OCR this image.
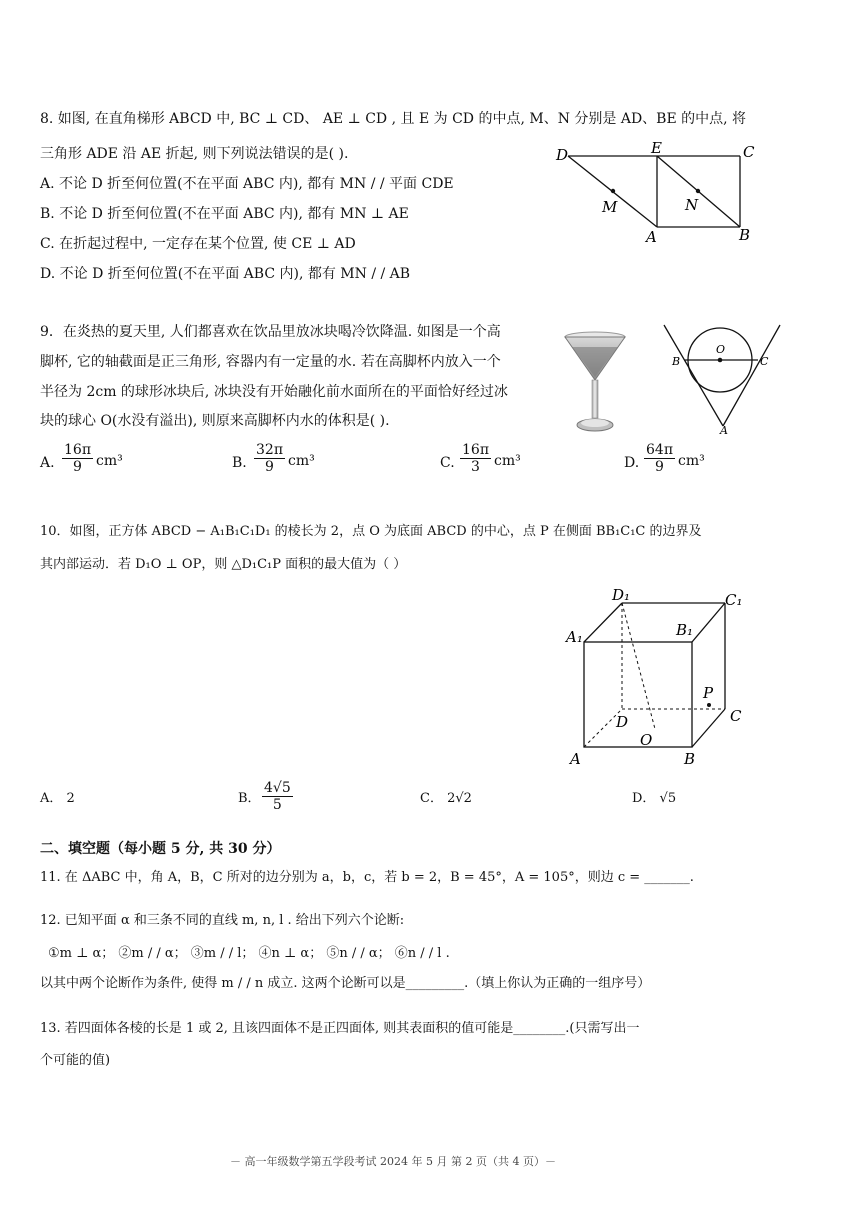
8. 如图, 在直角梯形 ABCD 中, BC ⊥ CD、 AE ⊥ CD , 且 E 为 CD 的中点, M、N 分别是 AD、BE 的中点, 将
三角形 ADE 沿 AE 折起, 则下列说法错误的是( ).
A. 不论 D 折至何位置(不在平面 ABC 内), 都有 MN / / 平面 CDE
B. 不论 D 折至何位置(不在平面 ABC 内), 都有 MN ⊥ AE
C. 在折起过程中, 一定存在某个位置, 使 CE ⊥ AD
D. 不论 D 折至何位置(不在平面 ABC 内), 都有 MN / / AB
D	E	C
M	N
A	B
9．在炎热的夏天里, 人们都喜欢在饮品里放冰块喝冷饮降温. 如图是一个高
脚杯, 它的轴截面是正三角形, 容器内有一定量的水. 若在高脚杯内放入一个
半径为 2cm 的球形冰块后, 冰块没有开始融化前水面所在的平面恰好经过冰
块的球心 O(水没有溢出), 则原来高脚杯内水的体积是( ).
O
B	C
A
A. $\frac{16\pi}{9} cm^3$	B. $\frac{32\pi}{9} cm^3$	C. $\frac{16\pi}{3} cm^3$	D. $\frac{64\pi}{9} cm^3$
10．如图，正方体 ABCD − A₁B₁C₁D₁ 的棱长为 2，点 O 为底面 ABCD 的中心，点 P 在侧面 BB₁C₁C 的边界及
其内部运动．若 D₁O ⊥ OP，则 △D₁C₁P 面积的最大值为（ ）
D₁	C₁
A₁	B₁
P
D	C
O
A	B
A． 2	B． $\frac{4√5}{5}$	C． 2√2	D． √5
二、填空题（每小题 5 分, 共 30 分）
11. 在 ΔABC 中，角 A，B，C 所对的边分别为 a，b，c，若 b = 2，B = 45°，A = 105°，则边 c = _______.
12. 已知平面 α 和三条不同的直线 m, n, l . 给出下列六个论断:
①m ⊥ α； ②m / / α； ③m / / l； ④n ⊥ α； ⑤n / / α； ⑥n / / l .
以其中两个论断作为条件, 使得 m / / n 成立. 这两个论断可以是_________.（填上你认为正确的一组序号）
13. 若四面体各棱的长是 1 或 2, 且该四面体不是正四面体, 则其表面积的值可能是________.(只需写出一
个可能的值)
－ 高一年级数学第五学段考试 2024 年 5 月 第 2 页（共 4 页）－
